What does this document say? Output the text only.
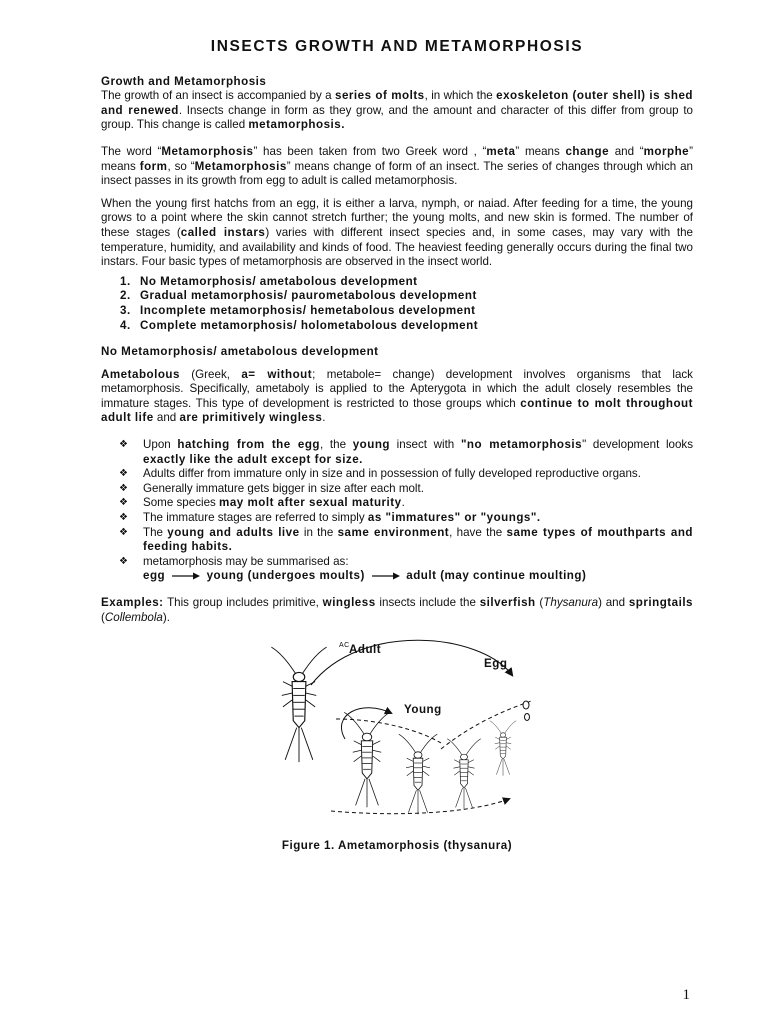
INSECTS GROWTH AND METAMORPHOSIS

Growth and Metamorphosis

The growth of an insect is accompanied by a series of molts, in which the exoskeleton (outer shell) is shed and renewed. Insects change in form as they grow, and the amount and character of this differ from group to group. This change is called metamorphosis.

The word “Metamorphosis” has been taken from two Greek word , “meta” means change and “morphe” means form, so “Metamorphosis” means change of form of an insect. The series of changes through which an insect passes in its growth from egg to adult is called metamorphosis.

When the young first hatchs from an egg, it is either a larva, nymph, or naiad. After feeding for a time, the young grows to a point where the skin cannot stretch further; the young molts, and new skin is formed. The number of these stages (called instars) varies with different insect species and, in some cases, may vary with the temperature, humidity, and availability and kinds of food. The heaviest feeding generally occurs during the final two instars. Four basic types of metamorphosis are observed in the insect world.

1. No Metamorphosis/ ametabolous development
2. Gradual metamorphosis/ paurometabolous development
3. Incomplete metamorphosis/ hemetabolous development
4. Complete metamorphosis/ holometabolous development

No Metamorphosis/ ametabolous development

Ametabolous (Greek, a= without; metabole= change) development involves organisms that lack metamorphosis. Specifically, ametaboly is applied to the Apterygota in which the adult closely resembles the immature stages. This type of development is restricted to those groups which continue to molt throughout adult life and are primitively wingless.

❖ Upon hatching from the egg, the young insect with "no metamorphosis" development looks exactly like the adult except for size.
❖ Adults differ from immature only in size and in possession of fully developed reproductive organs.
❖ Generally immature gets bigger in size after each molt.
❖ Some species may molt after sexual maturity.
❖ The immature stages are referred to simply as "immatures" or "youngs".
❖ The young and adults live in the same environment, have the same types of mouthparts and feeding habits.
❖ metamorphosis may be summarised as:
egg	young (undergoes moults)	adult (may continue moulting)

Examples: This group includes primitive, wingless insects include the silverfish (Thysanura) and springtails (Collembola).

AC Adult
Egg
Young

Figure 1. Ametamorphosis (thysanura)

1
